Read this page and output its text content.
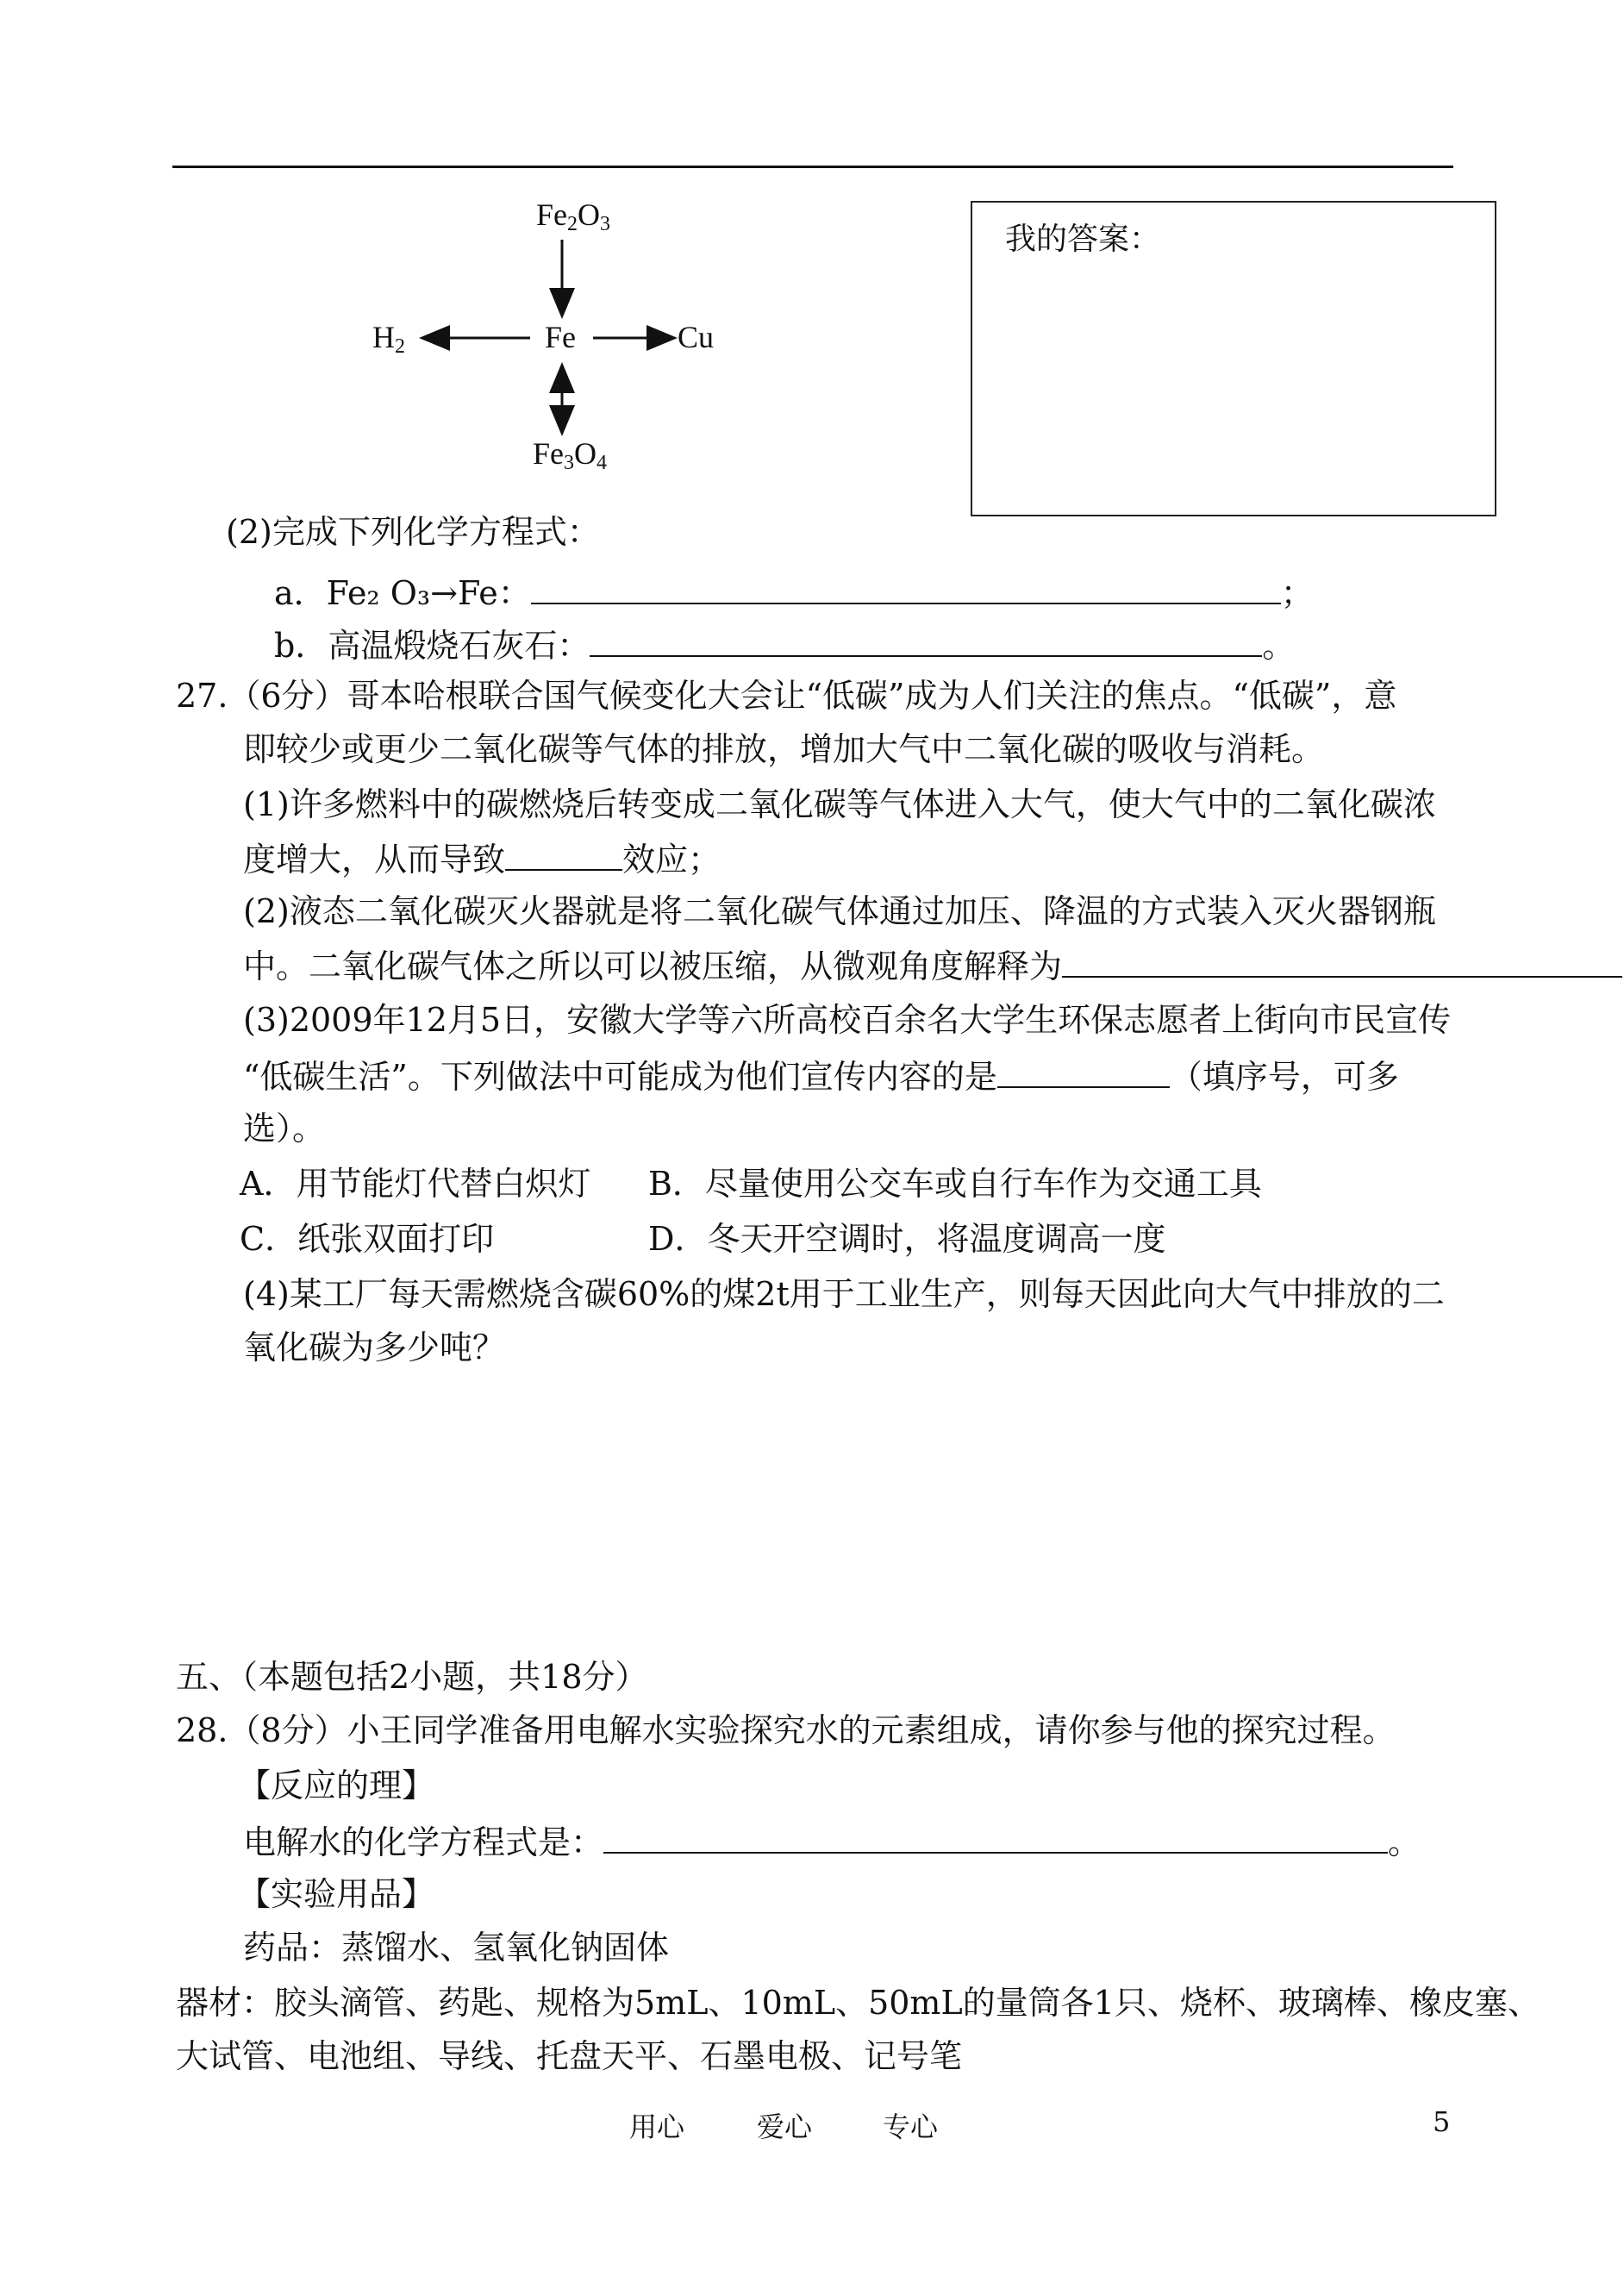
$Fe_2O_3$
Fe
$H_2$	Cu
$Fe_3O_4$
我的答案：
(2)完成下列化学方程式：
a．Fe₂ O₃→Fe：	；
b．高温煅烧石灰石：	。
27.（6分）哥本哈根联合国气候变化大会让“低碳”成为人们关注的焦点。“低碳”，意
即较少或更少二氧化碳等气体的排放，增加大气中二氧化碳的吸收与消耗。
(1)许多燃料中的碳燃烧后转变成二氧化碳等气体进入大气，使大气中的二氧化碳浓
度增大，从而导致	效应；
(2)液态二氧化碳灭火器就是将二氧化碳气体通过加压、降温的方式装入灭火器钢瓶
中。二氧化碳气体之所以可以被压缩，从微观角度解释为
(3)2009年12月5日，安徽大学等六所高校百余名大学生环保志愿者上街向市民宣传
“低碳生活”。下列做法中可能成为他们宣传内容的是	（填序号，可多
选）。
A．用节能灯代替白炽灯 B．尽量使用公交车或自行车作为交通工具
C．纸张双面打印	D．冬天开空调时，将温度调高一度
(4)某工厂每天需燃烧含碳60%的煤2t用于工业生产，则每天因此向大气中排放的二
氧化碳为多少吨？
五、（本题包括2小题，共18分）
28.（8分）小王同学准备用电解水实验探究水的元素组成，请你参与他的探究过程。
【反应的理】
电解水的化学方程式是：	。
【实验用品】
药品：蒸馏水、氢氧化钠固体
器材：胶头滴管、药匙、规格为5mL、10mL、50mL的量筒各1只、烧杯、玻璃棒、橡皮塞、
大试管、电池组、导线、托盘天平、石墨电极、记号笔
用心	爱心	专心	5
